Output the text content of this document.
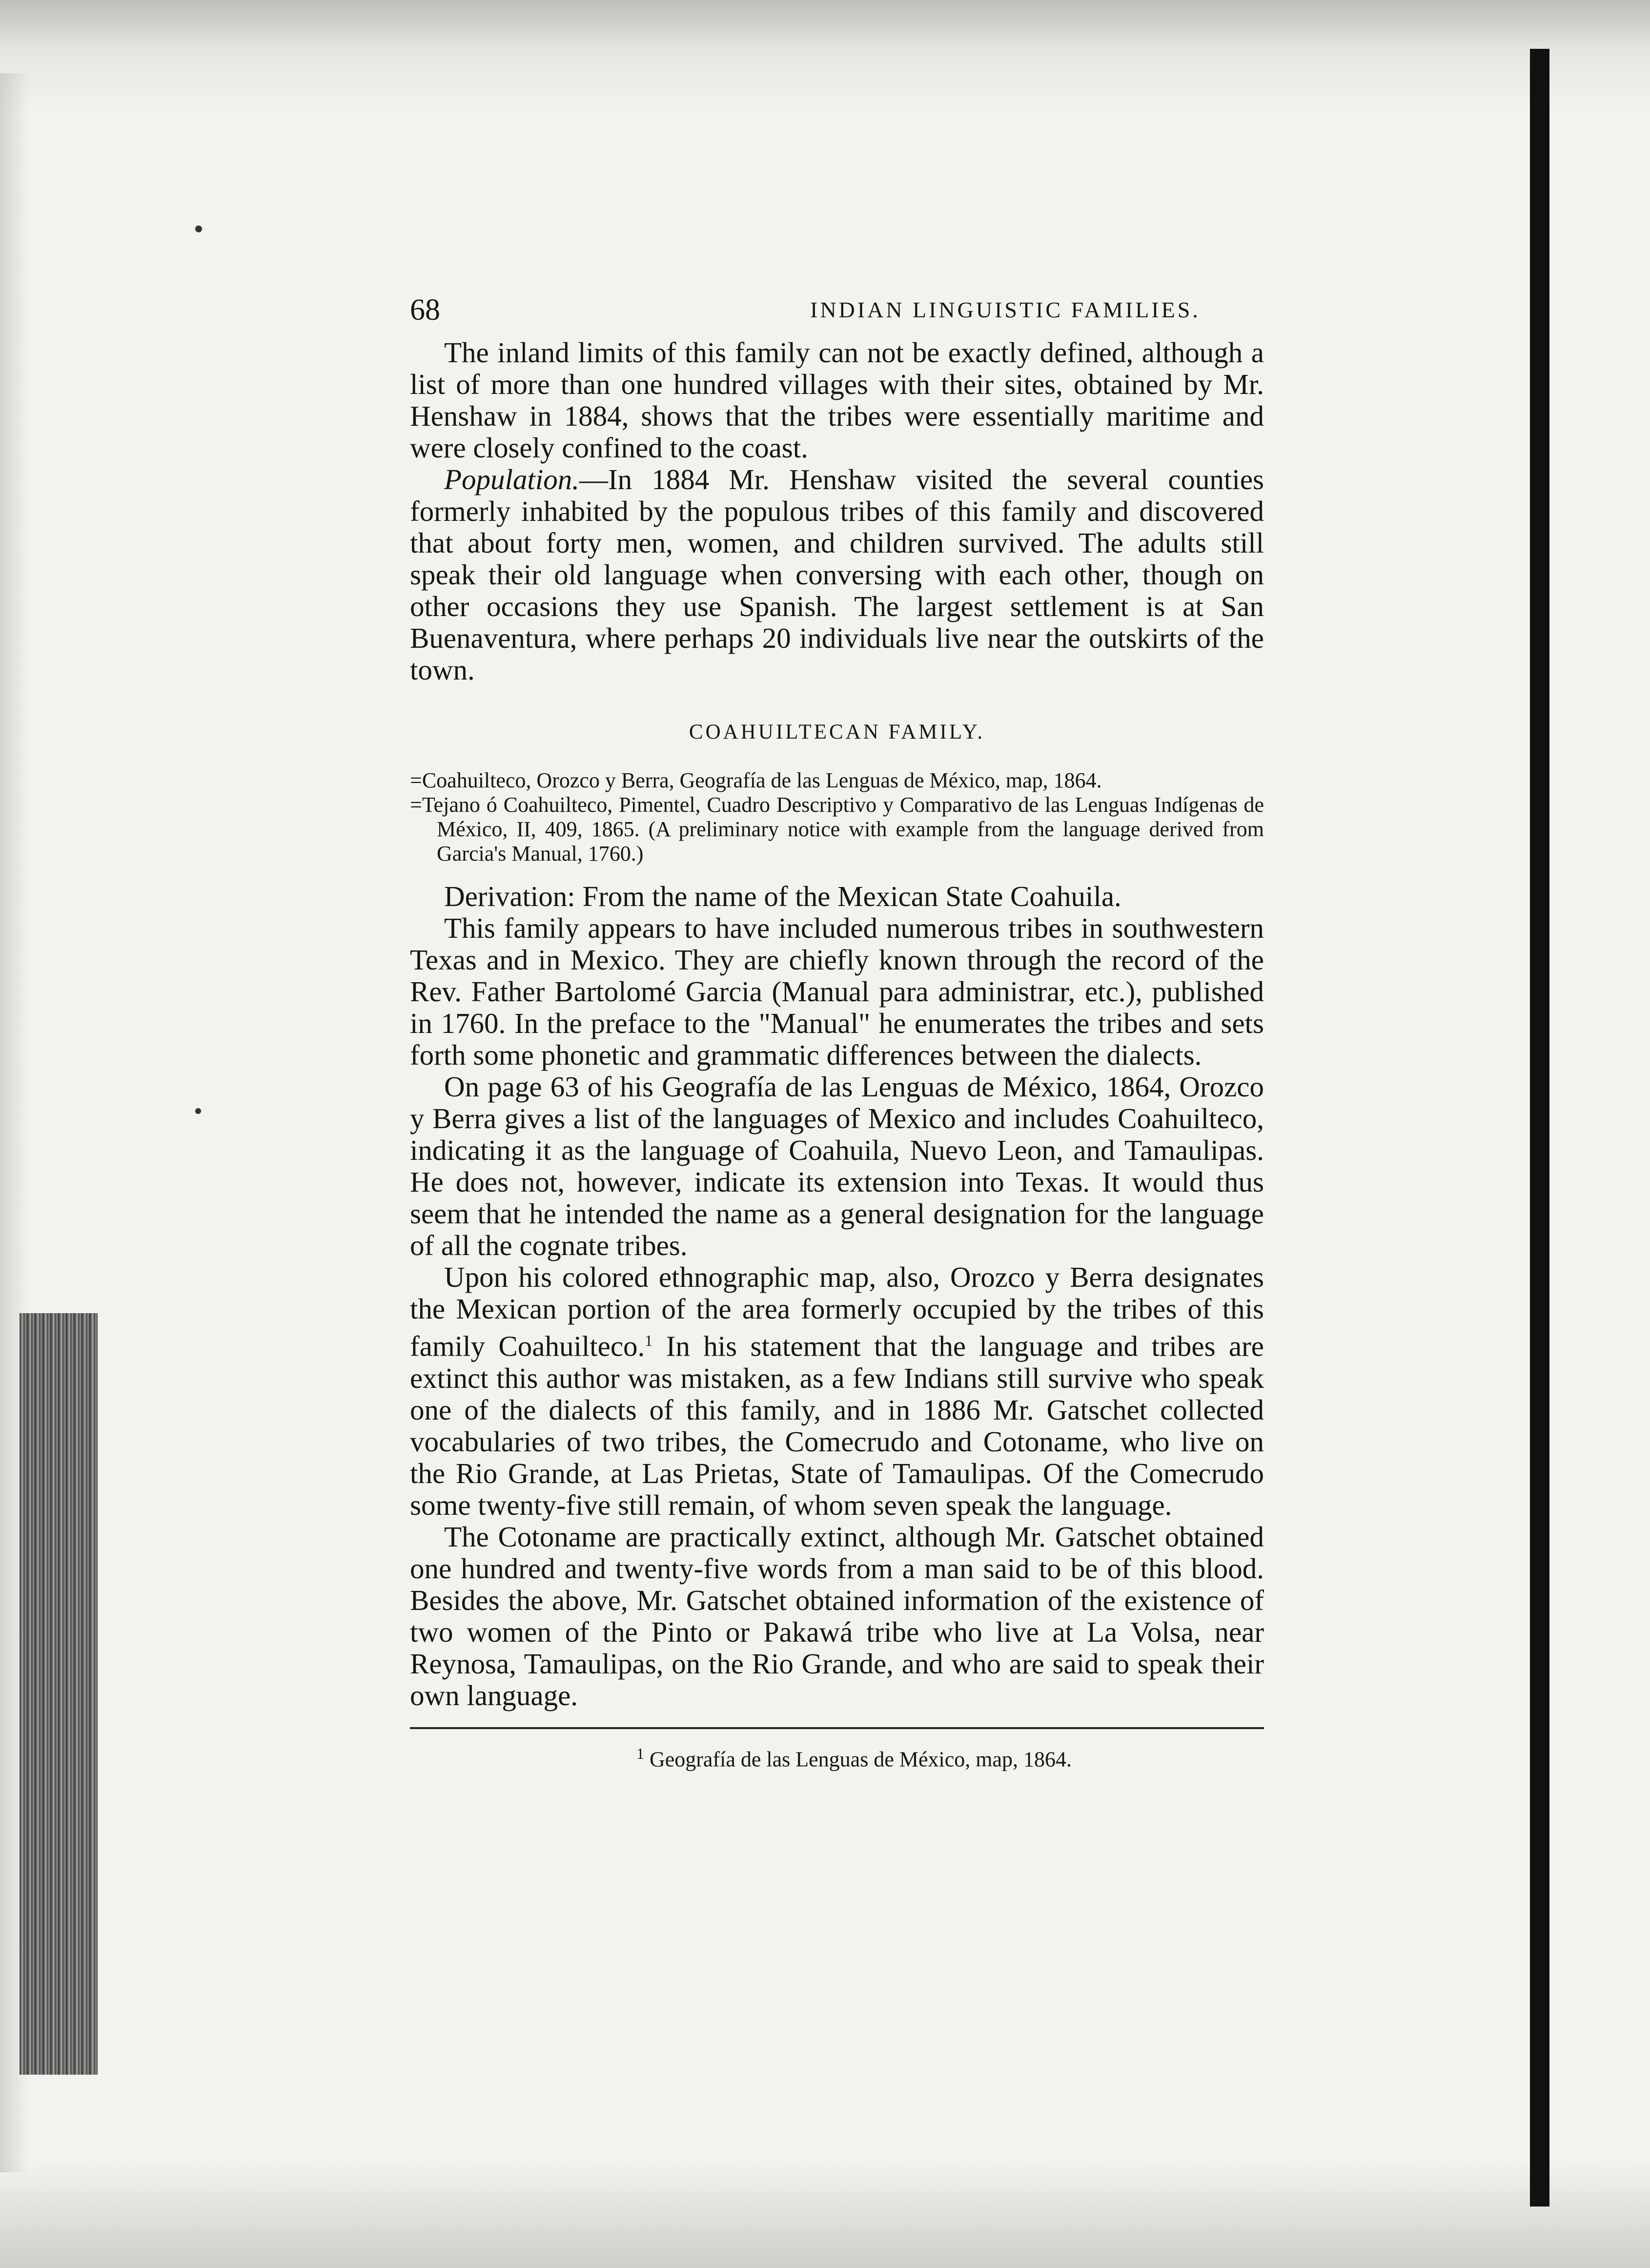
68	INDIAN LINGUISTIC FAMILIES.

The inland limits of this family can not be exactly defined, although a list of more than one hundred villages with their sites, obtained by Mr. Henshaw in 1884, shows that the tribes were essentially maritime and were closely confined to the coast.

Population.—In 1884 Mr. Henshaw visited the several counties formerly inhabited by the populous tribes of this family and discovered that about forty men, women, and children survived. The adults still speak their old language when conversing with each other, though on other occasions they use Spanish. The largest settlement is at San Buenaventura, where perhaps 20 individuals live near the outskirts of the town.

COAHUILTECAN FAMILY.

=Coahuilteco, Orozco y Berra, Geografía de las Lenguas de México, map, 1864.

=Tejano ó Coahuilteco, Pimentel, Cuadro Descriptivo y Comparativo de las Lenguas Indígenas de México, II, 409, 1865. (A preliminary notice with example from the language derived from Garcia's Manual, 1760.)

Derivation: From the name of the Mexican State Coahuila.

This family appears to have included numerous tribes in southwestern Texas and in Mexico. They are chiefly known through the record of the Rev. Father Bartolomé Garcia (Manual para administrar, etc.), published in 1760. In the preface to the "Manual" he enumerates the tribes and sets forth some phonetic and grammatic differences between the dialects.

On page 63 of his Geografía de las Lenguas de México, 1864, Orozco y Berra gives a list of the languages of Mexico and includes Coahuilteco, indicating it as the language of Coahuila, Nuevo Leon, and Tamaulipas. He does not, however, indicate its extension into Texas. It would thus seem that he intended the name as a general designation for the language of all the cognate tribes.

Upon his colored ethnographic map, also, Orozco y Berra designates the Mexican portion of the area formerly occupied by the tribes of this family Coahuilteco.$^1$ In his statement that the language and tribes are extinct this author was mistaken, as a few Indians still survive who speak one of the dialects of this family, and in 1886 Mr. Gatschet collected vocabularies of two tribes, the Comecrudo and Cotoname, who live on the Rio Grande, at Las Prietas, State of Tamaulipas. Of the Comecrudo some twenty-five still remain, of whom seven speak the language.

The Cotoname are practically extinct, although Mr. Gatschet obtained one hundred and twenty-five words from a man said to be of this blood. Besides the above, Mr. Gatschet obtained information of the existence of two women of the Pinto or Pakawá tribe who live at La Volsa, near Reynosa, Tamaulipas, on the Rio Grande, and who are said to speak their own language.

$^1$ Geografía de las Lenguas de México, map, 1864.
